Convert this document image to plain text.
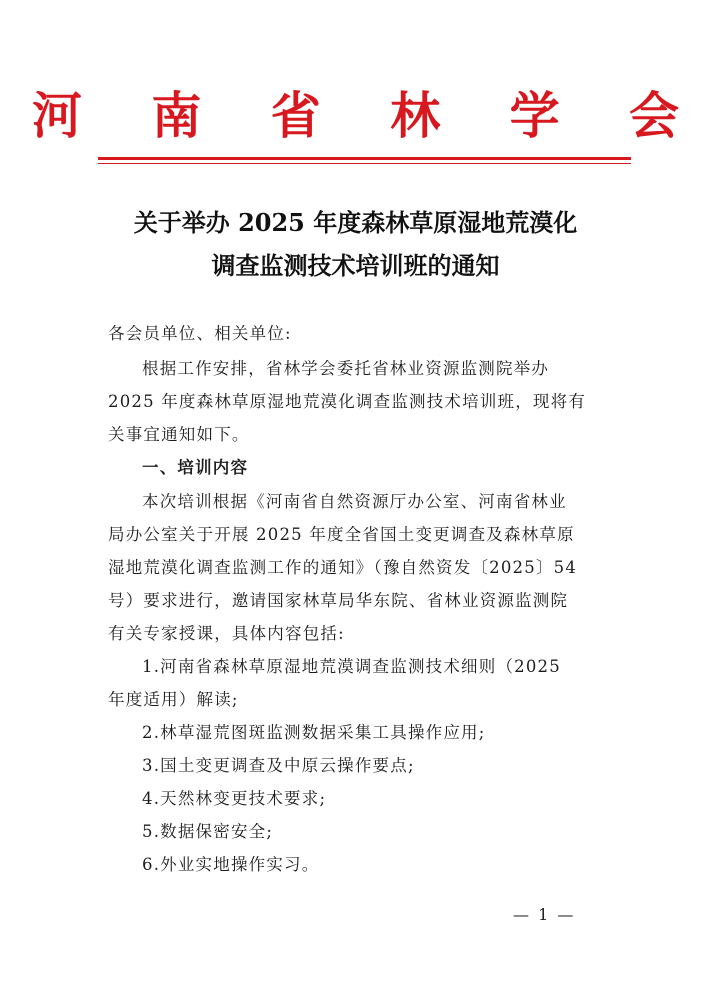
河 南 省 林 学 会
关于举办 2025 年度森林草原湿地荒漠化
调查监测技术培训班的通知
各会员单位、相关单位:
根据工作安排，省林学会委托省林业资源监测院举办
2025 年度森林草原湿地荒漠化调查监测技术培训班，现将有
关事宜通知如下。
一、培训内容
本次培训根据《河南省自然资源厅办公室、河南省林业
局办公室关于开展 2025 年度全省国土变更调查及森林草原
湿地荒漠化调查监测工作的通知》（豫自然资发〔2025〕54
号）要求进行，邀请国家林草局华东院、省林业资源监测院
有关专家授课，具体内容包括:
1.河南省森林草原湿地荒漠调查监测技术细则（2025
年度适用）解读;
2.林草湿荒图斑监测数据采集工具操作应用;
3.国土变更调查及中原云操作要点;
4.天然林变更技术要求;
5.数据保密安全;
6.外业实地操作实习。
— 1 —
